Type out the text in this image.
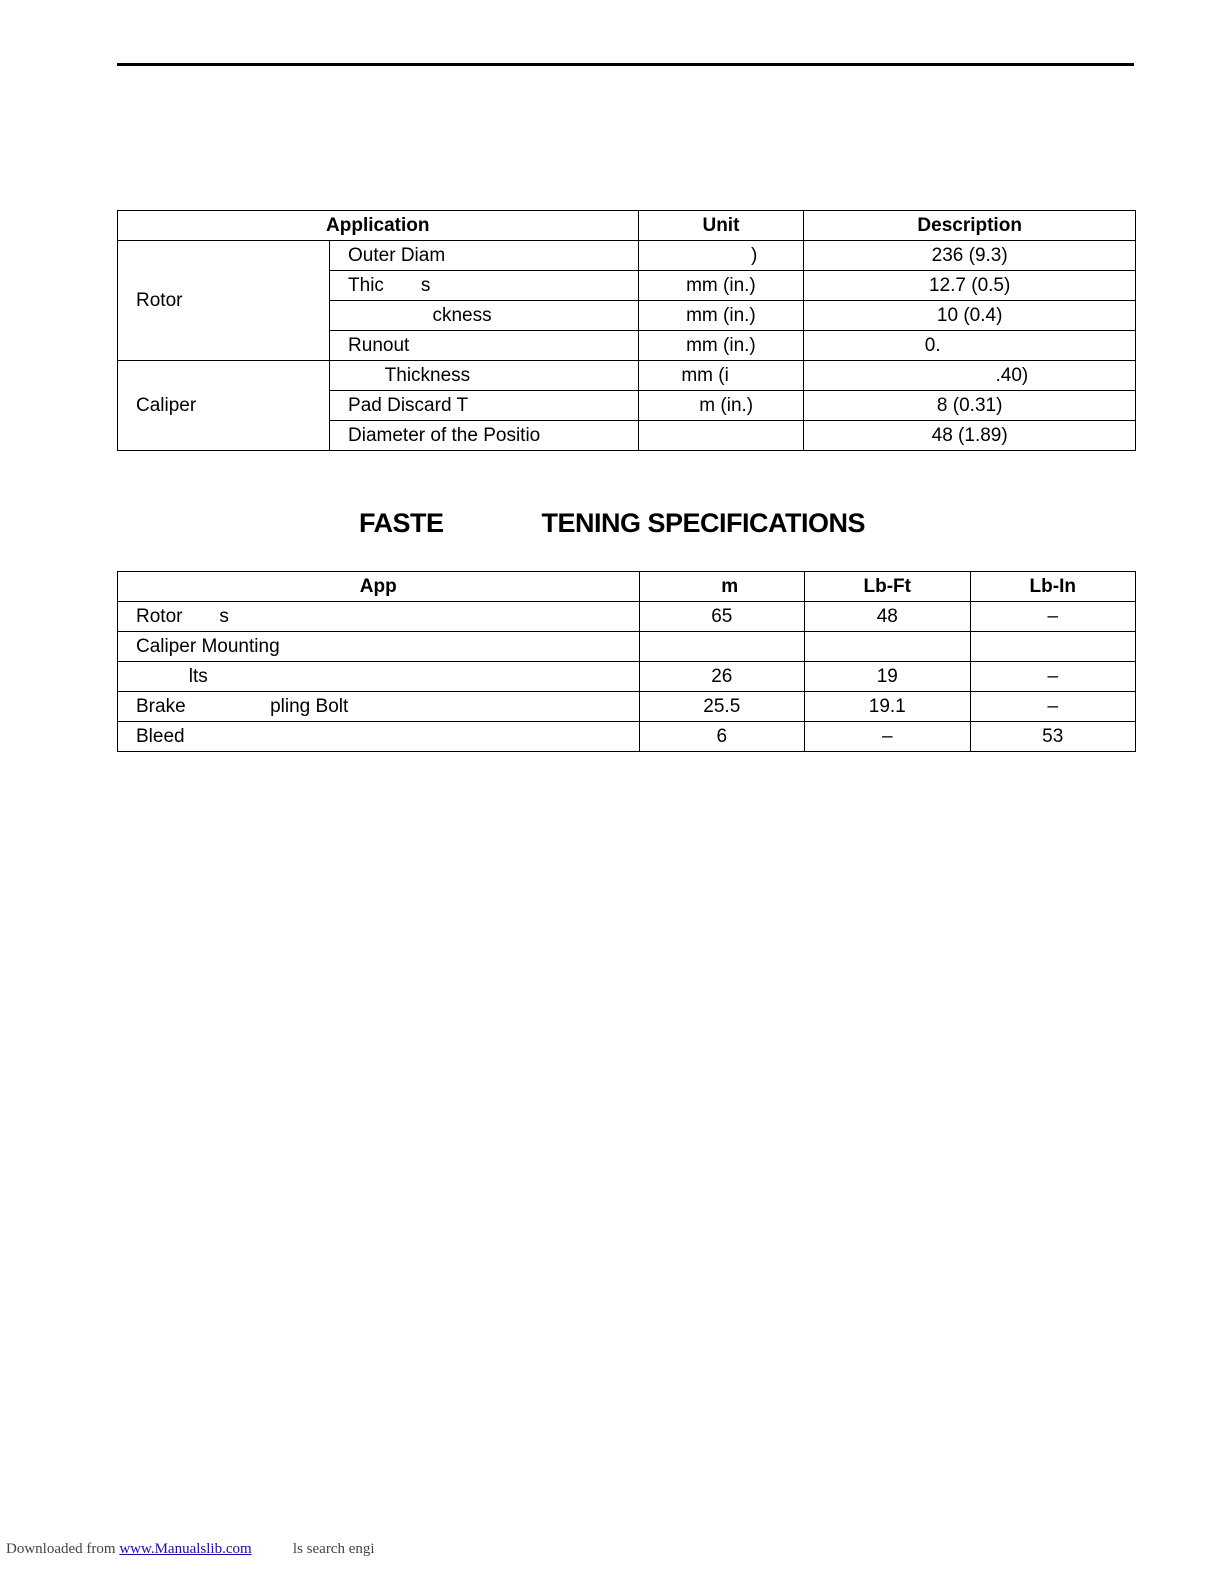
Application		Unit	Description
Rotor	Outer Diam	)	236 (9.3)
	Thic       s	mm (in.)	12.7 (0.5)
	ckness	mm (in.)	10 (0.4)
	Runout	mm (in.)	0.
Caliper	Thickness	mm (i	.40)
	Pad Discard T	m (in.)	8 (0.31)
	Diameter of the Positio		48 (1.89)
FASTE              TENING SPECIFICATIONS
App	m	Lb-Ft	Lb-In
Rotor       s	65	48	–
Caliper Mounting			
lts	26	19	–
Brake                pling Bolt	25.5	19.1	–
Bleed	6	–	53
Downloaded from www.Manualslib.com           ls search engi
